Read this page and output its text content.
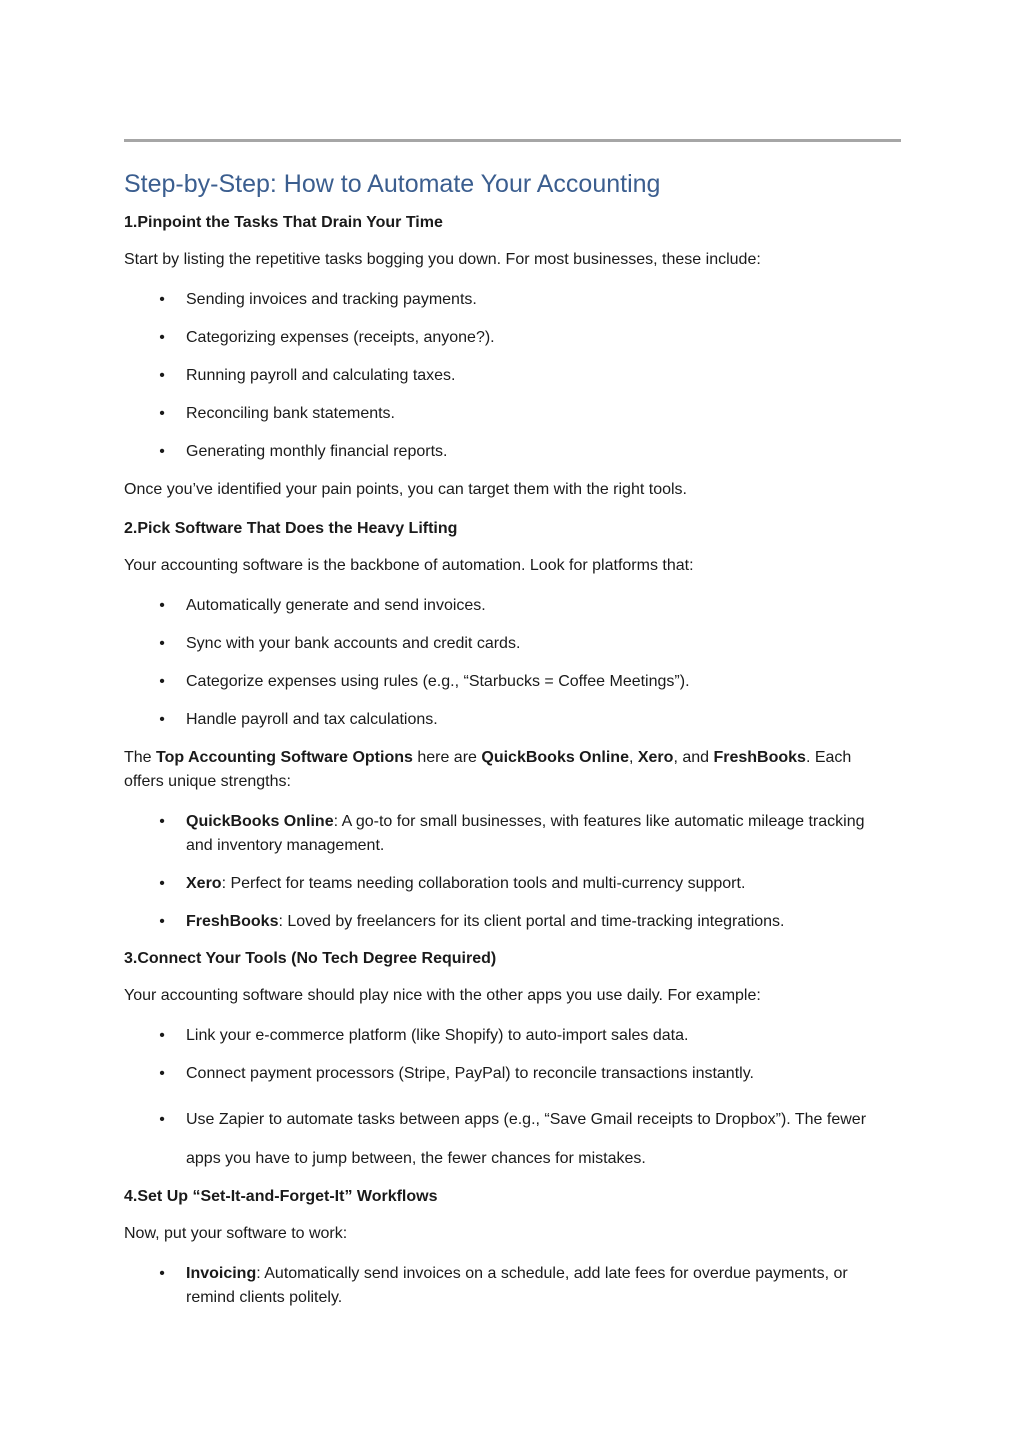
Step-by-Step: How to Automate Your Accounting
1.Pinpoint the Tasks That Drain Your Time

Start by listing the repetitive tasks bogging you down. For most businesses, these include:

• Sending invoices and tracking payments.
• Categorizing expenses (receipts, anyone?).
• Running payroll and calculating taxes.
• Reconciling bank statements.
• Generating monthly financial reports.

Once you’ve identified your pain points, you can target them with the right tools.

2.Pick Software That Does the Heavy Lifting

Your accounting software is the backbone of automation. Look for platforms that:

• Automatically generate and send invoices.
• Sync with your bank accounts and credit cards.
• Categorize expenses using rules (e.g., “Starbucks = Coffee Meetings”).
• Handle payroll and tax calculations.

The Top Accounting Software Options here are QuickBooks Online, Xero, and FreshBooks. Each offers unique strengths:

• QuickBooks Online: A go-to for small businesses, with features like automatic mileage tracking and inventory management.
• Xero: Perfect for teams needing collaboration tools and multi-currency support.
• FreshBooks: Loved by freelancers for its client portal and time-tracking integrations.
3.Connect Your Tools (No Tech Degree Required)

Your accounting software should play nice with the other apps you use daily. For example:

• Link your e-commerce platform (like Shopify) to auto-import sales data.
• Connect payment processors (Stripe, PayPal) to reconcile transactions instantly.
• Use Zapier to automate tasks between apps (e.g., “Save Gmail receipts to Dropbox”). The fewer apps you have to jump between, the fewer chances for mistakes.
4.Set Up “Set-It-and-Forget-It” Workflows

Now, put your software to work:

• Invoicing: Automatically send invoices on a schedule, add late fees for overdue payments, or remind clients politely.
